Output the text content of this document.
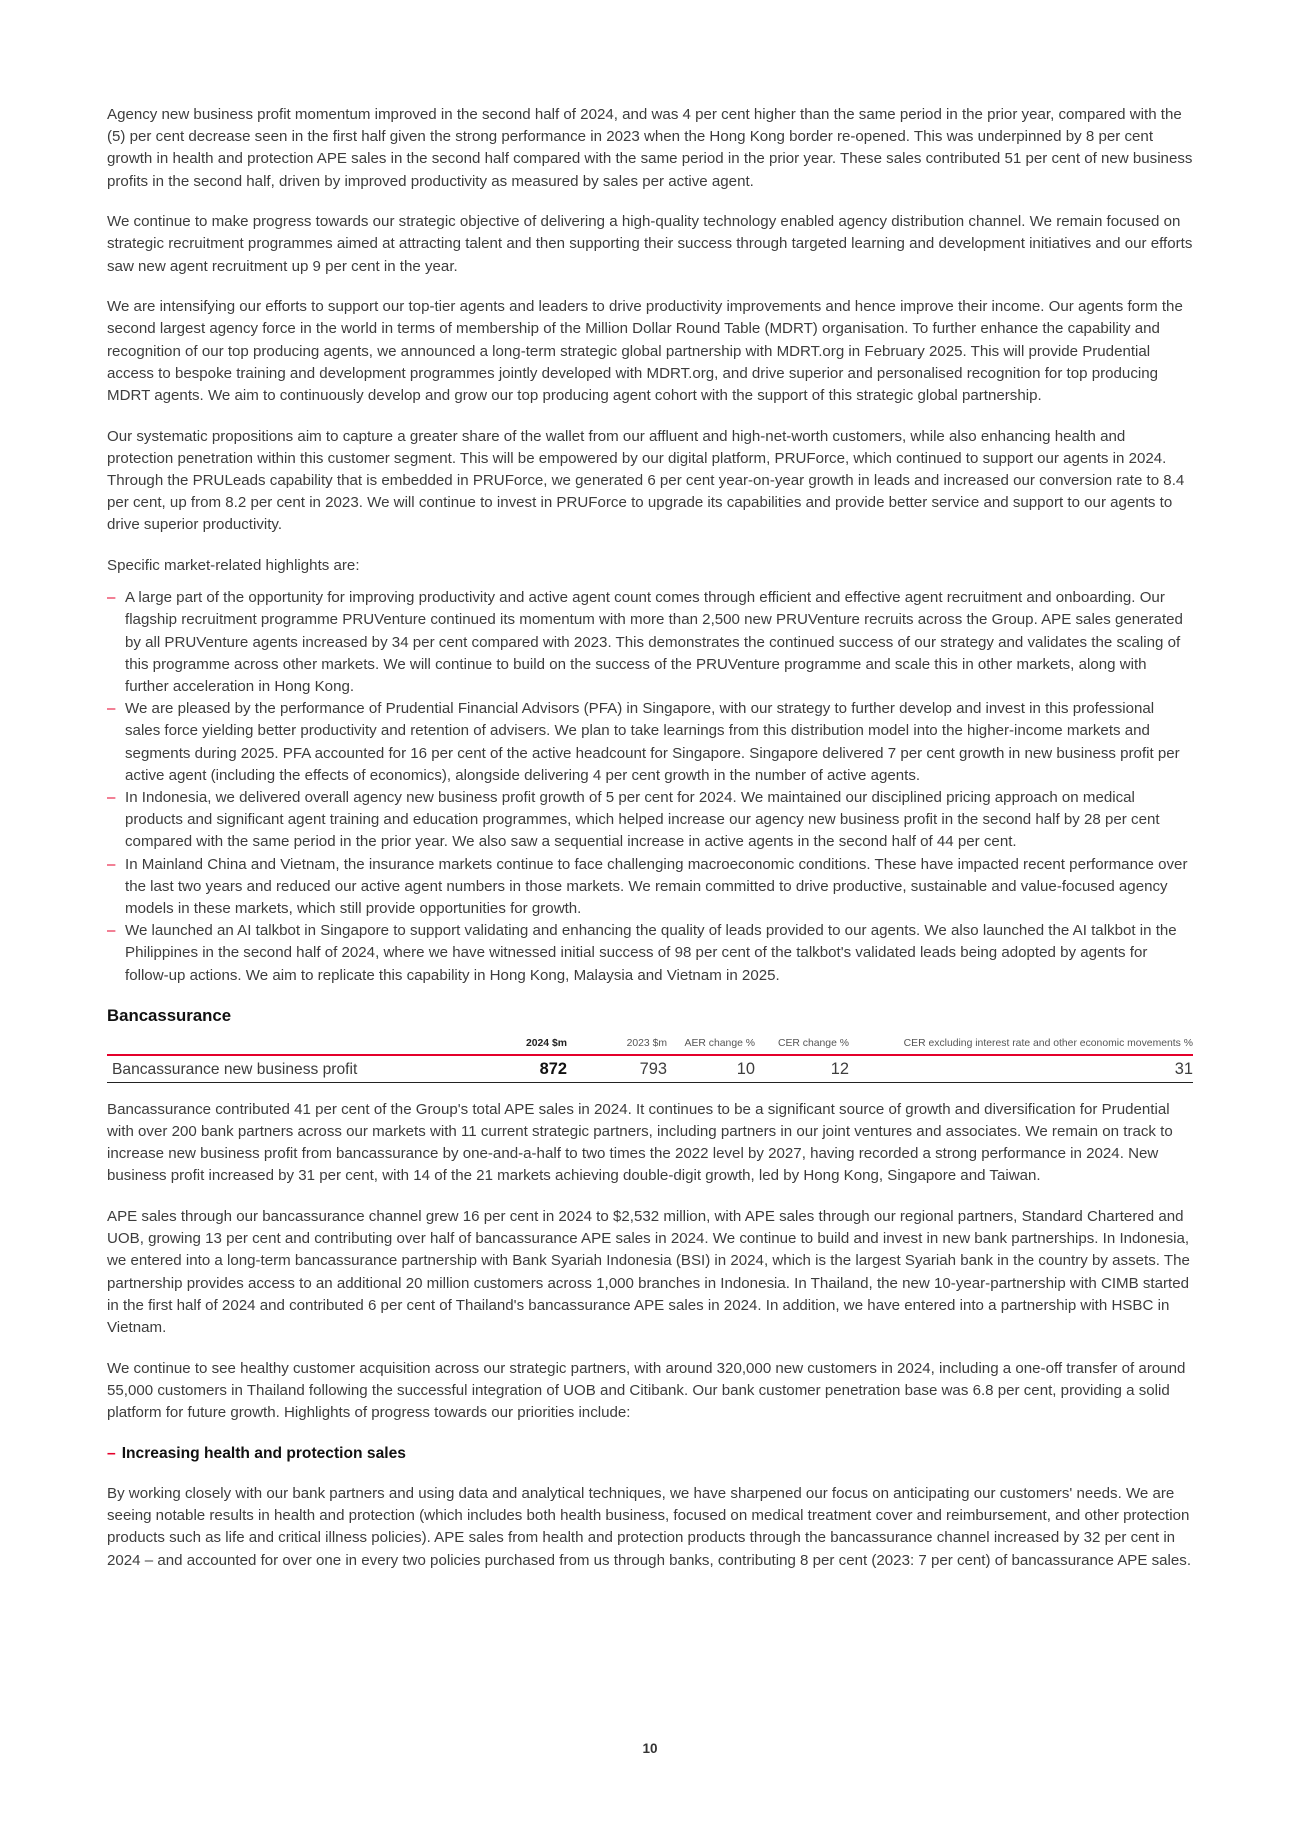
Agency new business profit momentum improved in the second half of 2024, and was 4 per cent higher than the same period in the prior year, compared with the (5) per cent decrease seen in the first half given the strong performance in 2023 when the Hong Kong border re-opened. This was underpinned by 8 per cent growth in health and protection APE sales in the second half compared with the same period in the prior year. These sales contributed 51 per cent of new business profits in the second half, driven by improved productivity as measured by sales per active agent.

We continue to make progress towards our strategic objective of delivering a high-quality technology enabled agency distribution channel. We remain focused on strategic recruitment programmes aimed at attracting talent and then supporting their success through targeted learning and development initiatives and our efforts saw new agent recruitment up 9 per cent in the year.

We are intensifying our efforts to support our top-tier agents and leaders to drive productivity improvements and hence improve their income. Our agents form the second largest agency force in the world in terms of membership of the Million Dollar Round Table (MDRT) organisation. To further enhance the capability and recognition of our top producing agents, we announced a long-term strategic global partnership with MDRT.org in February 2025. This will provide Prudential access to bespoke training and development programmes jointly developed with MDRT.org, and drive superior and personalised recognition for top producing MDRT agents. We aim to continuously develop and grow our top producing agent cohort with the support of this strategic global partnership.

Our systematic propositions aim to capture a greater share of the wallet from our affluent and high-net-worth customers, while also enhancing health and protection penetration within this customer segment. This will be empowered by our digital platform, PRUForce, which continued to support our agents in 2024. Through the PRULeads capability that is embedded in PRUForce, we generated 6 per cent year-on-year growth in leads and increased our conversion rate to 8.4 per cent, up from 8.2 per cent in 2023. We will continue to invest in PRUForce to upgrade its capabilities and provide better service and support to our agents to drive superior productivity.

Specific market-related highlights are:

– A large part of the opportunity for improving productivity and active agent count comes through efficient and effective agent recruitment and onboarding. Our flagship recruitment programme PRUVenture continued its momentum with more than 2,500 new PRUVenture recruits across the Group. APE sales generated by all PRUVenture agents increased by 34 per cent compared with 2023. This demonstrates the continued success of our strategy and validates the scaling of this programme across other markets. We will continue to build on the success of the PRUVenture programme and scale this in other markets, along with further acceleration in Hong Kong.
– We are pleased by the performance of Prudential Financial Advisors (PFA) in Singapore, with our strategy to further develop and invest in this professional sales force yielding better productivity and retention of advisers. We plan to take learnings from this distribution model into the higher-income markets and segments during 2025. PFA accounted for 16 per cent of the active headcount for Singapore. Singapore delivered 7 per cent growth in new business profit per active agent (including the effects of economics), alongside delivering 4 per cent growth in the number of active agents.
– In Indonesia, we delivered overall agency new business profit growth of 5 per cent for 2024. We maintained our disciplined pricing approach on medical products and significant agent training and education programmes, which helped increase our agency new business profit in the second half by 28 per cent compared with the same period in the prior year. We also saw a sequential increase in active agents in the second half of 44 per cent.
– In Mainland China and Vietnam, the insurance markets continue to face challenging macroeconomic conditions. These have impacted recent performance over the last two years and reduced our active agent numbers in those markets. We remain committed to drive productive, sustainable and value-focused agency models in these markets, which still provide opportunities for growth.
– We launched an AI talkbot in Singapore to support validating and enhancing the quality of leads provided to our agents. We also launched the AI talkbot in the Philippines in the second half of 2024, where we have witnessed initial success of 98 per cent of the talkbot's validated leads being adopted by agents for follow-up actions. We aim to replicate this capability in Hong Kong, Malaysia and Vietnam in 2025.
Bancassurance
	2024 $m	2023 $m	AER change %	CER change %	CER excluding interest rate and other economic movements %
Bancassurance new business profit	872	793	10	12	31

Bancassurance contributed 41 per cent of the Group's total APE sales in 2024. It continues to be a significant source of growth and diversification for Prudential with over 200 bank partners across our markets with 11 current strategic partners, including partners in our joint ventures and associates. We remain on track to increase new business profit from bancassurance by one-and-a-half to two times the 2022 level by 2027, having recorded a strong performance in 2024. New business profit increased by 31 per cent, with 14 of the 21 markets achieving double-digit growth, led by Hong Kong, Singapore and Taiwan.

APE sales through our bancassurance channel grew 16 per cent in 2024 to $2,532 million, with APE sales through our regional partners, Standard Chartered and UOB, growing 13 per cent and contributing over half of bancassurance APE sales in 2024. We continue to build and invest in new bank partnerships. In Indonesia, we entered into a long-term bancassurance partnership with Bank Syariah Indonesia (BSI) in 2024, which is the largest Syariah bank in the country by assets. The partnership provides access to an additional 20 million customers across 1,000 branches in Indonesia. In Thailand, the new 10-year-partnership with CIMB started in the first half of 2024 and contributed 6 per cent of Thailand's bancassurance APE sales in 2024. In addition, we have entered into a partnership with HSBC in Vietnam.

We continue to see healthy customer acquisition across our strategic partners, with around 320,000 new customers in 2024, including a one-off transfer of around 55,000 customers in Thailand following the successful integration of UOB and Citibank. Our bank customer penetration base was 6.8 per cent, providing a solid platform for future growth. Highlights of progress towards our priorities include:

– Increasing health and protection sales

By working closely with our bank partners and using data and analytical techniques, we have sharpened our focus on anticipating our customers' needs. We are seeing notable results in health and protection (which includes both health business, focused on medical treatment cover and reimbursement, and other protection products such as life and critical illness policies). APE sales from health and protection products through the bancassurance channel increased by 32 per cent in 2024 – and accounted for over one in every two policies purchased from us through banks, contributing 8 per cent (2023: 7 per cent) of bancassurance APE sales.

10
